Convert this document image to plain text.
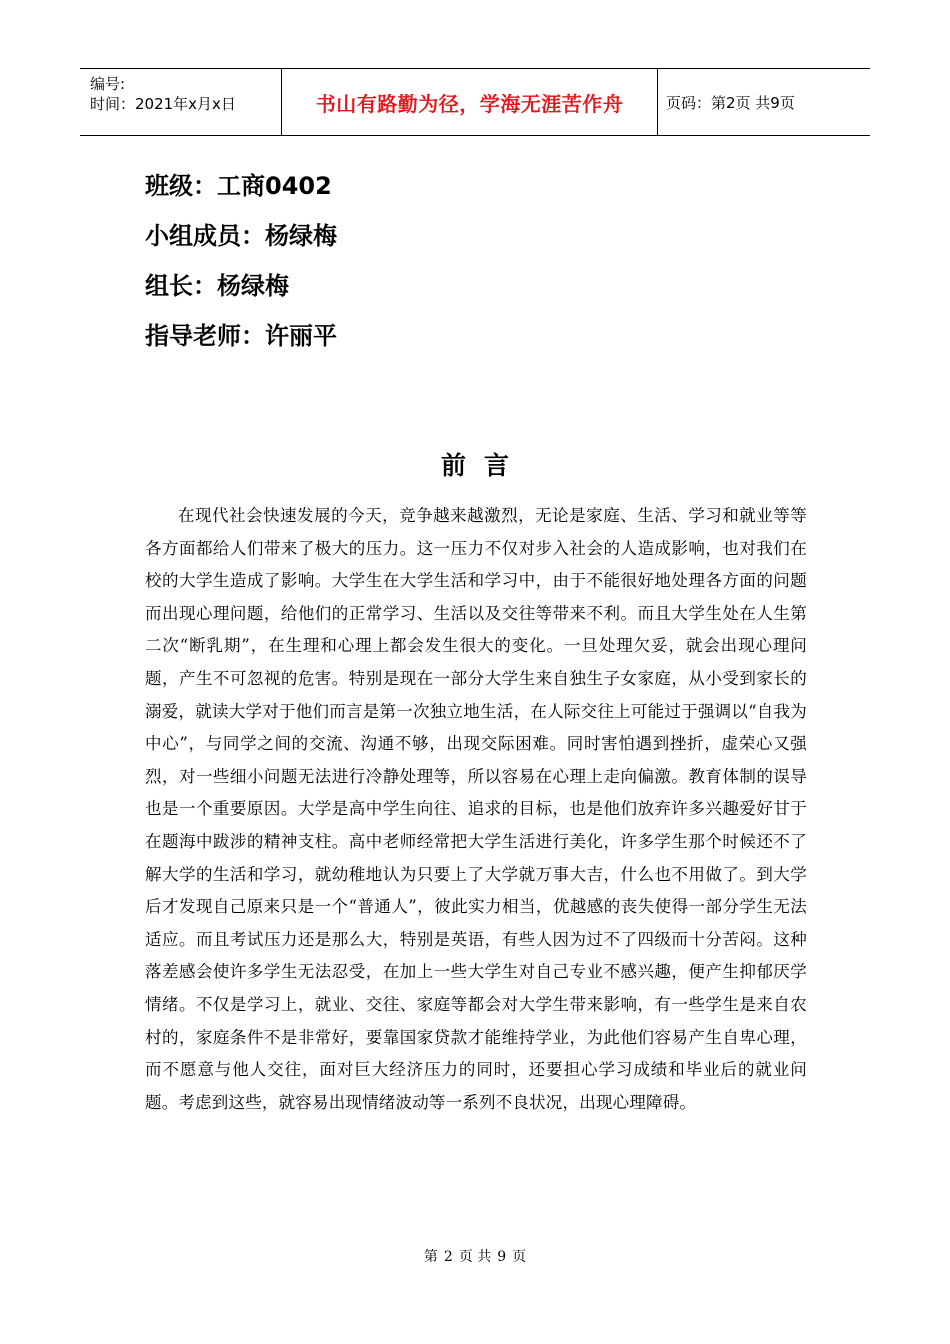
编号:
时间：2021年x月x日	书山有路勤为径，学海无涯苦作舟	页码：第2页 共9页
班级：工商0402
小组成员：杨绿梅
组长：杨绿梅
指导老师：许丽平
前言

在现代社会快速发展的今天，竞争越来越激烈，无论是家庭、生活、学习和就业等等各方面都给人们带来了极大的压力。这一压力不仅对步入社会的人造成影响，也对我们在校的大学生造成了影响。大学生在大学生活和学习中，由于不能很好地处理各方面的问题而出现心理问题，给他们的正常学习、生活以及交往等带来不利。而且大学生处在人生第二次“断乳期”，在生理和心理上都会发生很大的变化。一旦处理欠妥，就会出现心理问题，产生不可忽视的危害。特别是现在一部分大学生来自独生子女家庭，从小受到家长的溺爱，就读大学对于他们而言是第一次独立地生活，在人际交往上可能过于强调以“自我为中心”，与同学之间的交流、沟通不够，出现交际困难。同时害怕遇到挫折，虚荣心又强烈，对一些细小问题无法进行冷静处理等，所以容易在心理上走向偏激。教育体制的误导也是一个重要原因。大学是高中学生向往、追求的目标，也是他们放弃许多兴趣爱好甘于在题海中跋涉的精神支柱。高中老师经常把大学生活进行美化，许多学生那个时候还不了解大学的生活和学习，就幼稚地认为只要上了大学就万事大吉，什么也不用做了。到大学后才发现自己原来只是一个“普通人”，彼此实力相当，优越感的丧失使得一部分学生无法适应。而且考试压力还是那么大，特别是英语，有些人因为过不了四级而十分苦闷。这种落差感会使许多学生无法忍受，在加上一些大学生对自己专业不感兴趣，便产生抑郁厌学情绪。不仅是学习上，就业、交往、家庭等都会对大学生带来影响，有一些学生是来自农村的，家庭条件不是非常好，要靠国家贷款才能维持学业，为此他们容易产生自卑心理，而不愿意与他人交往，面对巨大经济压力的同时，还要担心学习成绩和毕业后的就业问题。考虑到这些，就容易出现情绪波动等一系列不良状况，出现心理障碍。

第 2 页 共 9 页
